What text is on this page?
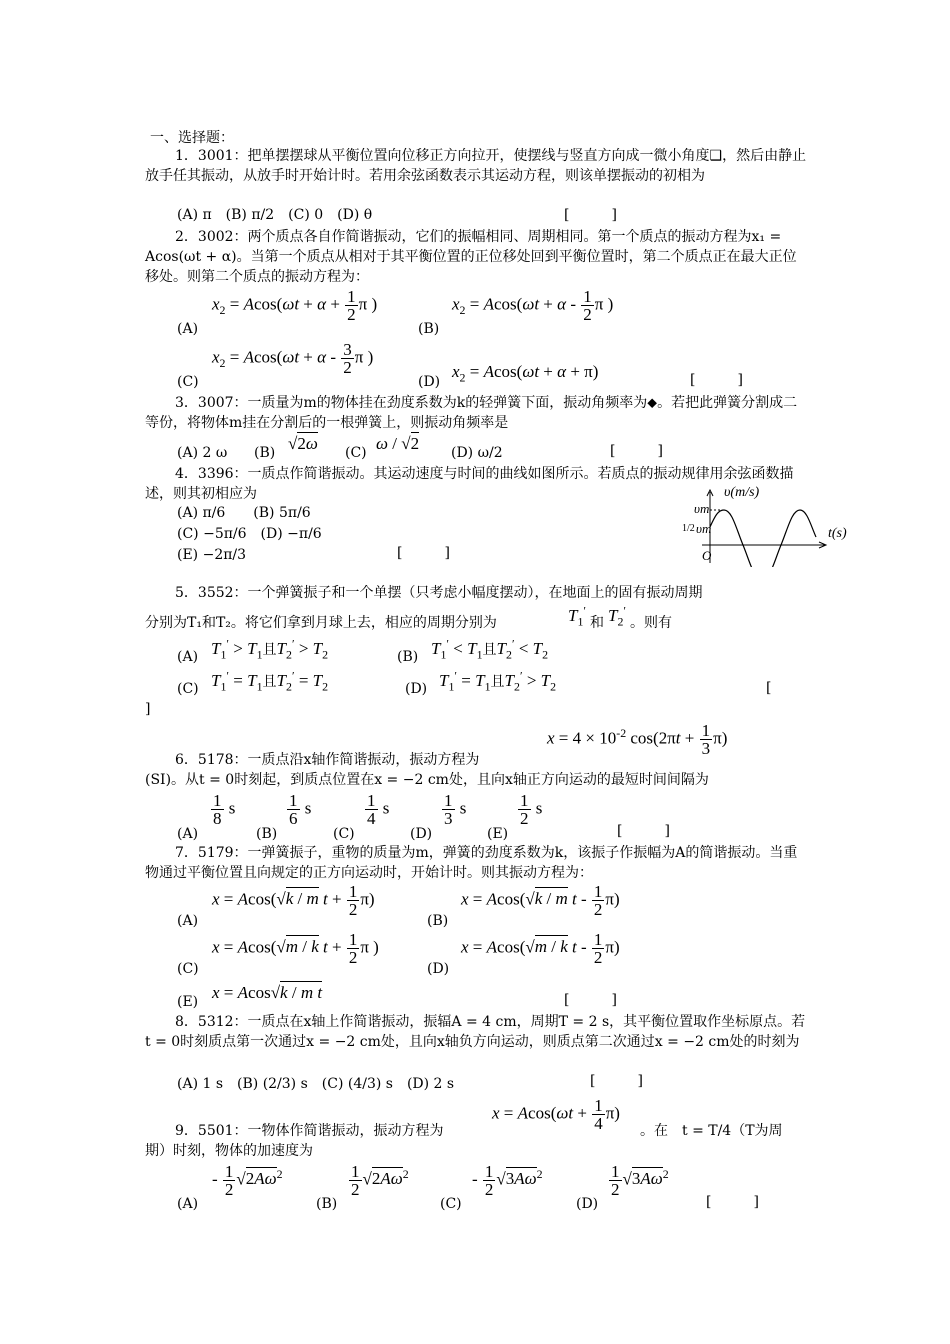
一、选择题：
1．3001：把单摆摆球从平衡位置向位移正方向拉开，使摆线与竖直方向成一微小角度❑，然后由静止放手任其振动，从放手时开始计时。若用余弦函数表示其运动方程，则该单摆振动的初相为
(A) π　(B) π/2　(C) 0　(D) θ	[　　　]
2．3002：两个质点各自作简谐振动，它们的振幅相同、周期相同。第一个质点的振动方程为x₁ = Acos(ωt + α)。当第一个质点从相对于其平衡位置的正位移处回到平衡位置时，第二个质点正在最大正位移处。则第二个质点的振动方程为：
(A)
$x_2 = Acos(\omega t + \alpha + \frac{1}{2}$ π )
(B)
$x_2 = Acos(\omega t + \alpha - \frac{1}{2}$ π )
(C)
$x_2 = Acos(\omega t + \alpha - \frac{3}{2}$ π )
(D)
$x_2 = Acos(\omega t + \alpha + \pi)$	[　　　]
3．3007：一质量为m的物体挂在劲度系数为k的轻弹簧下面，振动角频率为⬥。若把此弹簧分割成二等份，将物体m挂在分割后的一根弹簧上，则振动角频率是
(A) 2 ω (B) √2ω (C) ω / √2 (D) ω/2	[　　　]
4．3396：一质点作简谐振动。其运动速度与时间的曲线如图所示。若质点的振动规律用余弦函数描述，则其初相应为
(A) π/6　　(B) 5π/6
(C) −5π/6　(D) −π/6
(E) −2π/3	[　　　]
υ(m/s)
t(s)
υm
1/2 υm
O
5．3552：一个弹簧振子和一个单摆（只考虑小幅度摆动），在地面上的固有振动周期
分别为T₁和T₂。将它们拿到月球上去，相应的周期分别为	$T_1'$
和 $T_2'$
。则有
(A) $T_1' > T_1$且$T_2' > T_2$	(B) $T_1' < T_1$且$T_2' < T_2$
(C) $T_1' = T_1$且$T_2' = T_2$	(D) $T_1' = T_1$且$T_2' > T_2$	[
]
$x = 4 \times 10^{-2}$ $\cos(2\pi t + \frac{1}{3} \pi)$
6．5178：一质点沿x轴作简谐振动，振动方程为
(SI)。从t = 0时刻起，到质点位置在x = −2 cm处，且向x轴正方向运动的最短时间间隔为
(A)
$\frac{1}{8}$ s
(B)
$\frac{1}{6}$ s
(C)
$\frac{1}{4}$ s
(D)
$\frac{1}{3}$ s
(E)
$\frac{1}{2}$ s
[　　　]
7．5179：一弹簧振子，重物的质量为m，弹簧的劲度系数为k，该振子作振幅为A的简谐振动。当重物通过平衡位置且向规定的正方向运动时，开始计时。则其振动方程为：
(A)
x = Acos(√k / m $t + \frac{1}{2} \pi$)
(B)
x = Acos(√k / m t - $\frac{1}{2} \pi$)
(C)
x = Acos(√m / k $t + \frac{1}{2}$ π )
(D)
x = Acos(√m / k t - $\frac{1}{2} \pi$)
(E) x = Acos√k / m t	[　　　]
8．5312：一质点在x轴上作简谐振动，振辐A = 4 cm，周期T = 2 s，其平衡位置取作坐标原点。若t = 0时刻质点第一次通过x = −2 cm处，且向x轴负方向运动，则质点第二次通过x = −2 cm处的时刻为
(A) 1 s　(B) (2/3) s　(C) (4/3) s　(D) 2 s	[　　　]
$x = Acos(\omega t + \frac{1}{4} \pi)$
9．5501：一物体作简谐振动，振动方程为	。在　t = T/4（T为周
期）时刻，物体的加速度为
(A)
- $\frac{1}{2} √2A\omega^2$
(B)
$\frac{1}{2} √2A\omega^2$
(C)
- $\frac{1}{2} √3A\omega^2$
(D)
$\frac{1}{2} √3A\omega^2$
[　　　]
